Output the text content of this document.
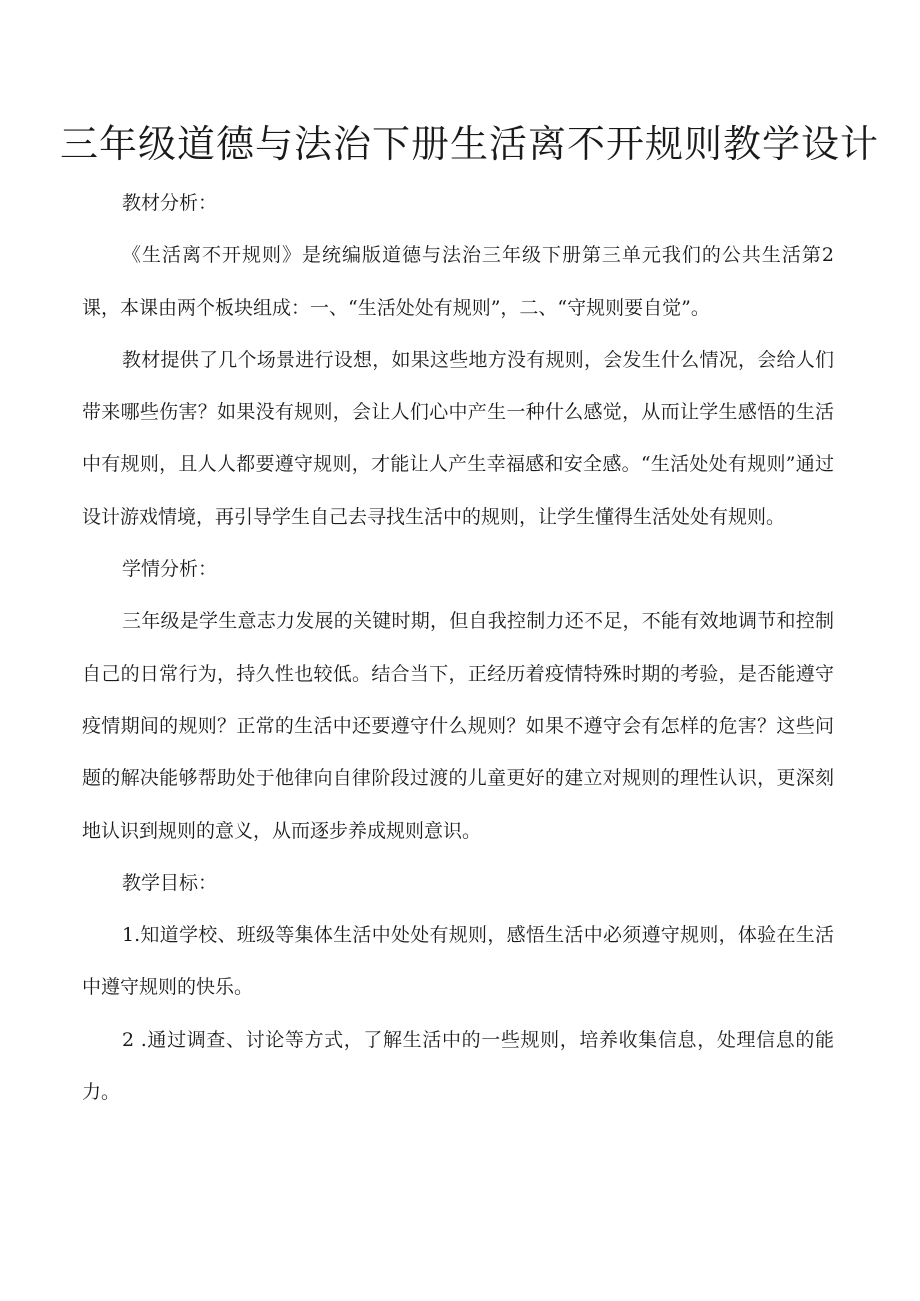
三年级道德与法治下册生活离不开规则教学设计

教材分析：

《生活离不开规则》是统编版道德与法治三年级下册第三单元我们的公共生活第2课，本课由两个板块组成：一、“生活处处有规则”，二、“守规则要自觉”。

教材提供了几个场景进行设想，如果这些地方没有规则，会发生什么情况，会给人们带来哪些伤害？如果没有规则，会让人们心中产生一种什么感觉，从而让学生感悟的生活中有规则，且人人都要遵守规则，才能让人产生幸福感和安全感。“生活处处有规则”通过设计游戏情境，再引导学生自己去寻找生活中的规则，让学生懂得生活处处有规则。

学情分析：

三年级是学生意志力发展的关键时期，但自我控制力还不足，不能有效地调节和控制自己的日常行为，持久性也较低。结合当下，正经历着疫情特殊时期的考验，是否能遵守疫情期间的规则？正常的生活中还要遵守什么规则？如果不遵守会有怎样的危害？这些问题的解决能够帮助处于他律向自律阶段过渡的儿童更好的建立对规则的理性认识，更深刻地认识到规则的意义，从而逐步养成规则意识。

教学目标：

1.知道学校、班级等集体生活中处处有规则，感悟生活中必须遵守规则，体验在生活中遵守规则的快乐。

2 .通过调查、讨论等方式，了解生活中的一些规则，培养收集信息，处理信息的能力。
